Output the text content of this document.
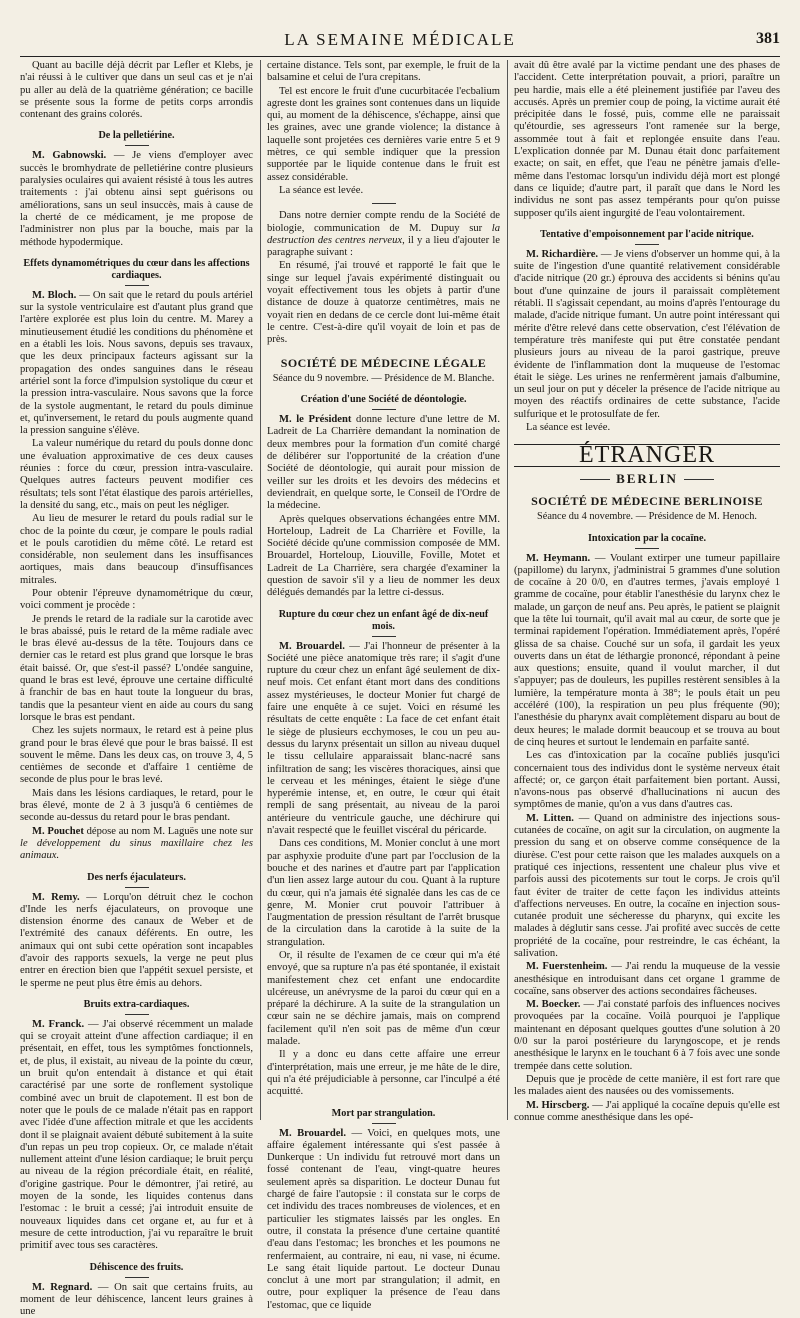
LA SEMAINE MÉDICALE	381

Quant au bacille déjà décrit par Lefler et Klebs, je n'ai réussi à le cultiver que dans un seul cas et je n'ai pu aller au delà de la quatrième génération; ce bacille se présente sous la forme de petits corps arrondis contenant des grains colorés.

De la pelletiérine.

M. Gabnowski. — Je viens d'employer avec succès le bromhydrate de pelletiérine contre plusieurs paralysies oculaires qui avaient résisté à tous les autres traitements : j'ai obtenu ainsi sept guérisons ou améliorations, sans un seul insuccès, mais à cause de la cherté de ce médicament, je me propose de l'administrer non plus par la bouche, mais par la méthode hypodermique.

Effets dynamométriques du cœur dans les affections cardiaques.

M. Bloch. — On sait que le retard du pouls artériel sur la systole ventriculaire est d'autant plus grand que l'artère explorée est plus loin du centre. M. Marey a minutieusement étudié les conditions du phénomène et en a établi les lois. Nous savons, depuis ses travaux, que les deux principaux facteurs agissant sur la propagation des ondes sanguines dans le réseau artériel sont la force d'impulsion systolique du cœur et la pression intra-vasculaire. Nous savons que la force de la systole augmentant, le retard du pouls diminue et, qu'inversement, le retard du pouls augmente quand la pression sanguine s'élève.

La valeur numérique du retard du pouls donne donc une évaluation approximative de ces deux causes réunies : force du cœur, pression intra-vasculaire. Quelques autres facteurs peuvent modifier ces résultats; tels sont l'état élastique des parois artérielles, la densité du sang, etc., mais on peut les négliger.

Au lieu de mesurer le retard du pouls radial sur le choc de la pointe du cœur, je compare le pouls radial et le pouls carotidien du même côté. Le retard est considérable, non seulement dans les insuffisances aortiques, mais dans beaucoup d'insuffisances mitrales.

Pour obtenir l'épreuve dynamométrique du cœur, voici comment je procède :

Je prends le retard de la radiale sur la carotide avec le bras abaissé, puis le retard de la même radiale avec le bras élevé au-dessus de la tête. Toujours dans ce dernier cas le retard est plus grand que lorsque le bras était baissé. Or, que s'est-il passé? L'ondée sanguine, quand le bras est levé, éprouve une certaine difficulté à franchir de bas en haut toute la longueur du bras, tandis que la pesanteur vient en aide au cours du sang lorsque le bras est pendant.

Chez les sujets normaux, le retard est à peine plus grand pour le bras élevé que pour le bras baissé. Il est souvent le même. Dans les deux cas, on trouve 3, 4, 5 centièmes de seconde et d'affaire 1 centième de seconde de plus pour le bras levé.

Mais dans les lésions cardiaques, le retard, pour le bras élevé, monte de 2 à 3 jusqu'à 6 centièmes de seconde au-dessus du retard pour le bras pendant.

M. Pouchet dépose au nom M. Laguës une note sur le développement du sinus maxillaire chez les animaux.

Des nerfs éjaculateurs.

M. Remy. — Lorqu'on détruit chez le cochon d'Inde les nerfs éjaculateurs, on provoque une distension énorme des canaux de Weber et de l'extrémité des canaux déférents. En outre, les animaux qui ont subi cette opération sont incapables d'avoir des rapports sexuels, la verge ne peut plus entrer en érection bien que l'appétit sexuel persiste, et le sperme ne peut plus être émis au dehors.

Bruits extra-cardiaques.

M. Franck. — J'ai observé récemment un malade qui se croyait atteint d'une affection cardiaque; il en présentait, en effet, tous les symptômes fonctionnels, et, de plus, il existait, au niveau de la pointe du cœur, un bruit qu'on entendait à distance et qui était caractérisé par une sorte de ronflement systolique combiné avec un bruit de clapotement. Il est bon de noter que le pouls de ce malade n'était pas en rapport avec l'idée d'une affection mitrale et que les accidents dont il se plaignait avaient débuté subitement à la suite d'un repas un peu trop copieux. Or, ce malade n'était nullement atteint d'une lésion cardiaque; le bruit perçu au niveau de la région précordiale était, en réalité, d'origine gastrique. Pour le démontrer, j'ai retiré, au moyen de la sonde, les liquides contenus dans l'estomac : le bruit a cessé; j'ai introduit ensuite de nouveaux liquides dans cet organe et, au fur et à mesure de cette introduction, j'ai vu reparaître le bruit primitif avec tous ses caractères.

Déhiscence des fruits.

M. Regnard. — On sait que certains fruits, au moment de leur déhiscence, lancent leurs graines à une

certaine distance. Tels sont, par exemple, le fruit de la balsamine et celui de l'ura crepitans.

Tel est encore le fruit d'une cucurbitacée l'ecbalium agreste dont les graines sont contenues dans un liquide qui, au moment de la déhiscence, s'échappe, ainsi que les graines, avec une grande violence; la distance à laquelle sont projetées ces dernières varie entre 5 et 9 mètres, ce qui semble indiquer que la pression supportée par le liquide contenue dans le fruit est assez considérable.

La séance est levée.

Dans notre dernier compte rendu de la Société de biologie, communication de M. Dupuy sur la destruction des centres nerveux, il y a lieu d'ajouter le paragraphe suivant :

En résumé, j'ai trouvé et rapporté le fait que le singe sur lequel j'avais expérimenté distinguait ou voyait effectivement tous les objets à partir d'une distance de douze à quatorze centimètres, mais ne voyait rien en dedans de ce cercle dont lui-même était le centre. C'est-à-dire qu'il voyait de loin et pas de près.

SOCIÉTÉ DE MÉDECINE LÉGALE

Séance du 9 novembre. — Présidence de M. Blanche.

Création d'une Société de déontologie.

M. le Président donne lecture d'une lettre de M. Ladreit de La Charrière demandant la nomination de deux membres pour la formation d'un comité chargé de délibérer sur l'opportunité de la création d'une Société de déontologie, qui aurait pour mission de veiller sur les droits et les devoirs des médecins et deviendrait, en quelque sorte, le Conseil de l'Ordre de la médecine.

Après quelques observations échangées entre MM. Horteloup, Ladreit de La Charrière et Foville, la Société décide qu'une commission composée de MM. Brouardel, Horteloup, Liouville, Foville, Motet et Ladreit de La Charrière, sera chargée d'examiner la question de savoir s'il y a lieu de nommer les deux délégués demandés par la lettre ci-dessus.

Rupture du cœur chez un enfant âgé de dix-neuf mois.

M. Brouardel. — J'ai l'honneur de présenter à la Société une pièce anatomique très rare; il s'agit d'une rupture du cœur chez un enfant âgé seulement de dix-neuf mois. Cet enfant étant mort dans des conditions assez mystérieuses, le docteur Monier fut chargé de faire une enquête à ce sujet. Voici en résumé les résultats de cette enquête : La face de cet enfant était le siège de plusieurs ecchymoses, le cou un peu au-dessus du larynx présentait un sillon au niveau duquel le tissu cellulaire apparaissait blanc-nacré sans infiltration de sang; les viscères thoraciques, ainsi que le cerveau et les méninges, étaient le siège d'une hyperémie intense, et, en outre, le cœur qui était rempli de sang présentait, au niveau de la paroi antérieure du ventricule gauche, une déchirure qui n'avait respecté que le feuillet viscéral du péricarde.

Dans ces conditions, M. Monier conclut à une mort par asphyxie produite d'une part par l'occlusion de la bouche et des narines et d'autre part par l'application d'un lien assez large autour du cou. Quant à la rupture du cœur, qui n'a jamais été signalée dans les cas de ce genre, M. Monier crut pouvoir l'attribuer à l'augmentation de pression résultant de l'arrêt brusque de la circulation dans la carotide à la suite de la strangulation.

Or, il résulte de l'examen de ce cœur qui m'a été envoyé, que sa rupture n'a pas été spontanée, il existait manifestement chez cet enfant une endocardite ulcéreuse, un anévrysme de la paroi du cœur qui en a préparé la déchirure. A la suite de la strangulation un cœur sain ne se déchire jamais, mais on comprend facilement qu'il n'en soit pas de même d'un cœur malade.

Il y a donc eu dans cette affaire une erreur d'interprétation, mais une erreur, je me hâte de le dire, qui n'a été préjudiciable à personne, car l'inculpé a été acquitté.

Mort par strangulation.

M. Brouardel. — Voici, en quelques mots, une affaire également intéressante qui s'est passée à Dunkerque : Un individu fut retrouvé mort dans un fossé contenant de l'eau, vingt-quatre heures seulement après sa disparition. Le docteur Dunau fut chargé de faire l'autopsie : il constata sur le corps de cet individu des traces nombreuses de violences, et en particulier les stigmates laissés par les ongles. En outre, il constata la présence d'une certaine quantité d'eau dans l'estomac; les bronches et les poumons ne renfermaient, au contraire, ni eau, ni vase, ni écume. Le sang était liquide partout. Le docteur Dunau conclut à une mort par strangulation; il admit, en outre, pour expliquer la présence de l'eau dans l'estomac, que ce liquide

avait dû être avalé par la victime pendant une des phases de l'accident. Cette interprétation pouvait, a priori, paraître un peu hardie, mais elle a été pleinement justifiée par l'aveu des accusés. Après un premier coup de poing, la victime aurait été précipitée dans le fossé, puis, comme elle ne paraissait qu'étourdie, ses agresseurs l'ont ramenée sur la berge, assommée tout à fait et replongée ensuite dans l'eau. L'explication donnée par M. Dunau était donc parfaitement exacte; on sait, en effet, que l'eau ne pénètre jamais d'elle-même dans l'estomac lorsqu'un individu déjà mort est plongé dans ce liquide; d'autre part, il paraît que dans le Nord les individus ne sont pas assez tempérants pour qu'on puisse supposer qu'ils aient ingurgité de l'eau volontairement.

Tentative d'empoisonnement par l'acide nitrique.

M. Richardière. — Je viens d'observer un homme qui, à la suite de l'ingestion d'une quantité relativement considérable d'acide nitrique (20 gr.) éprouva des accidents si bénins qu'au bout d'une quinzaine de jours il paraissait complètement rétabli. Il s'agissait cependant, au moins d'après l'entourage du malade, d'acide nitrique fumant. Un autre point intéressant qui mérite d'être relevé dans cette observation, c'est l'élévation de température très manifeste qui put être constatée pendant plusieurs jours au niveau de la paroi gastrique, preuve évidente de l'inflammation dont la muqueuse de l'estomac était le siège. Les urines ne renfermèrent jamais d'albumine, un seul jour on put y déceler la présence de l'acide nitrique au moyen des réactifs ordinaires de cette substance, l'acide sulfurique et le protosulfate de fer.

La séance est levée.

ÉTRANGER
BERLIN
SOCIÉTÉ DE MÉDECINE BERLINOISE

Séance du 4 novembre. — Présidence de M. Henoch.

Intoxication par la cocaïne.

M. Heymann. — Voulant extirper une tumeur papillaire (papillome) du larynx, j'administrai 5 grammes d'une solution de cocaïne à 20 0/0, en d'autres termes, j'avais employé 1 gramme de cocaïne, pour établir l'anesthésie du larynx chez le malade, un garçon de neuf ans. Peu après, le patient se plaignit que la tête lui tournait, qu'il avait mal au cœur, de sorte que je terminai rapidement l'opération. Immédiatement après, l'opéré glissa de sa chaise. Couché sur un sofa, il gardait les yeux ouverts dans un état de léthargie prononcé, répondant à peine aux questions; ensuite, quand il voulut marcher, il dut s'appuyer; pas de douleurs, les pupilles restèrent sensibles à la lumière, la température monta à 38°; le pouls était un peu accéléré (100), la respiration un peu plus fréquente (90); l'anesthésie du pharynx avait complètement disparu au bout de deux heures; le malade dormit beaucoup et se trouva au bout de cinq heures et surtout le lendemain en parfaite santé.

Les cas d'intoxication par la cocaïne publiés jusqu'ici concernaient tous des individus dont le système nerveux était affecté; or, ce garçon était parfaitement bien portant. Aussi, n'avons-nous pas observé d'hallucinations ni aucun des symptômes de manie, qu'on a vus dans d'autres cas.

M. Litten. — Quand on administre des injections sous-cutanées de cocaïne, on agit sur la circulation, on augmente la pression du sang et on observe comme conséquence de la diurèse. C'est pour cette raison que les malades auxquels on a pratiqué ces injections, ressentent une chaleur plus vive et parfois aussi des picotements sur tout le corps. Je crois qu'il faut éviter de traiter de cette façon les individus atteints d'affections nerveuses. En outre, la cocaïne en injection sous-cutanée produit une sécheresse du pharynx, qui excite les malades à déglutir sans cesse. J'ai profité avec succès de cette propriété de la cocaïne, pour restreindre, le cas échéant, la salivation.

M. Fuerstenheim. — J'ai rendu la muqueuse de la vessie anesthésique en introduisant dans cet organe 1 gramme de cocaïne, sans observer des actions secondaires fâcheuses.

M. Boecker. — J'ai constaté parfois des influences nocives provoquées par la cocaïne. Voilà pourquoi je l'applique maintenant en déposant quelques gouttes d'une solution à 20 0/0 sur la paroi postérieure du laryngoscope, et je rends anesthésique le larynx en le touchant 6 à 7 fois avec une sonde trempée dans cette solution.

Depuis que je procède de cette manière, il est fort rare que les malades aient des nausées ou des vomissements.

M. Hirscberg. — J'ai appliqué la cocaïne depuis qu'elle est connue comme anesthésique dans les opé-
